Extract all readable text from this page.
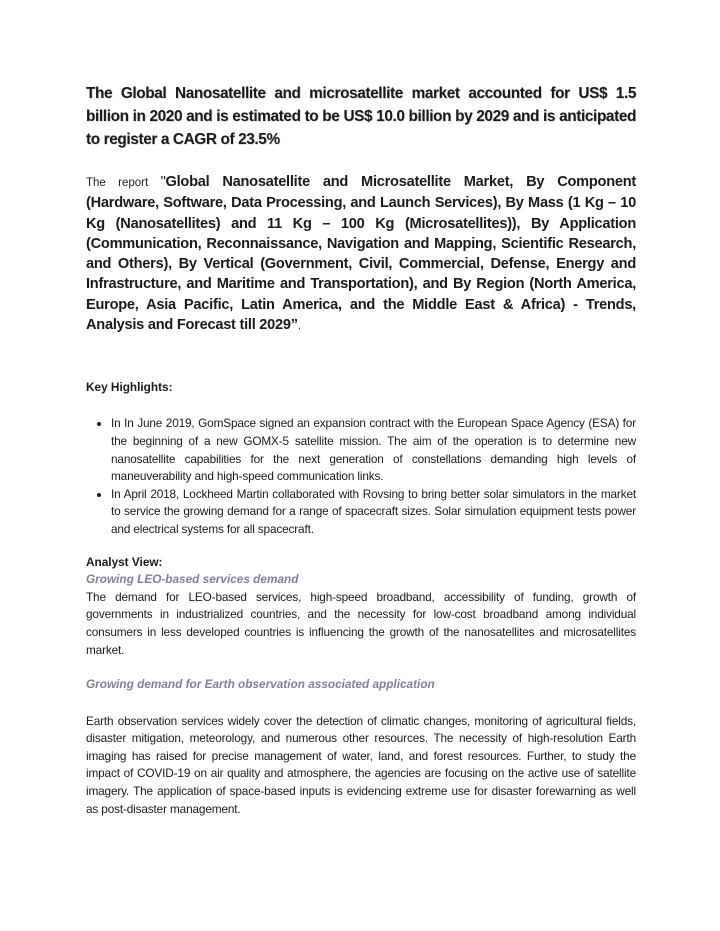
The Global Nanosatellite and microsatellite market accounted for US$ 1.5 billion in 2020 and is estimated to be US$ 10.0 billion by 2029 and is anticipated to register a CAGR of 23.5%

The report "Global Nanosatellite and Microsatellite Market, By Component (Hardware, Software, Data Processing, and Launch Services), By Mass (1 Kg – 10 Kg (Nanosatellites) and 11 Kg – 100 Kg (Microsatellites)), By Application (Communication, Reconnaissance, Navigation and Mapping, Scientific Research, and Others), By Vertical (Government, Civil, Commercial, Defense, Energy and Infrastructure, and Maritime and Transportation), and By Region (North America, Europe, Asia Pacific, Latin America, and the Middle East & Africa) - Trends, Analysis and Forecast till 2029”.
Key Highlights:
• In In June 2019, GomSpace signed an expansion contract with the European Space Agency (ESA) for the beginning of a new GOMX-5 satellite mission. The aim of the operation is to determine new nanosatellite capabilities for the next generation of constellations demanding high levels of maneuverability and high-speed communication links.
• In April 2018, Lockheed Martin collaborated with Rovsing to bring better solar simulators in the market to service the growing demand for a range of spacecraft sizes. Solar simulation equipment tests power and electrical systems for all spacecraft.
Analyst View:
Growing LEO-based services demand

The demand for LEO-based services, high-speed broadband, accessibility of funding, growth of governments in industrialized countries, and the necessity for low-cost broadband among individual consumers in less developed countries is influencing the growth of the nanosatellites and microsatellites market.

Growing demand for Earth observation associated application

Earth observation services widely cover the detection of climatic changes, monitoring of agricultural fields, disaster mitigation, meteorology, and numerous other resources. The necessity of high-resolution Earth imaging has raised for precise management of water, land, and forest resources. Further, to study the impact of COVID-19 on air quality and atmosphere, the agencies are focusing on the active use of satellite imagery. The application of space-based inputs is evidencing extreme use for disaster forewarning as well as post-disaster management.
